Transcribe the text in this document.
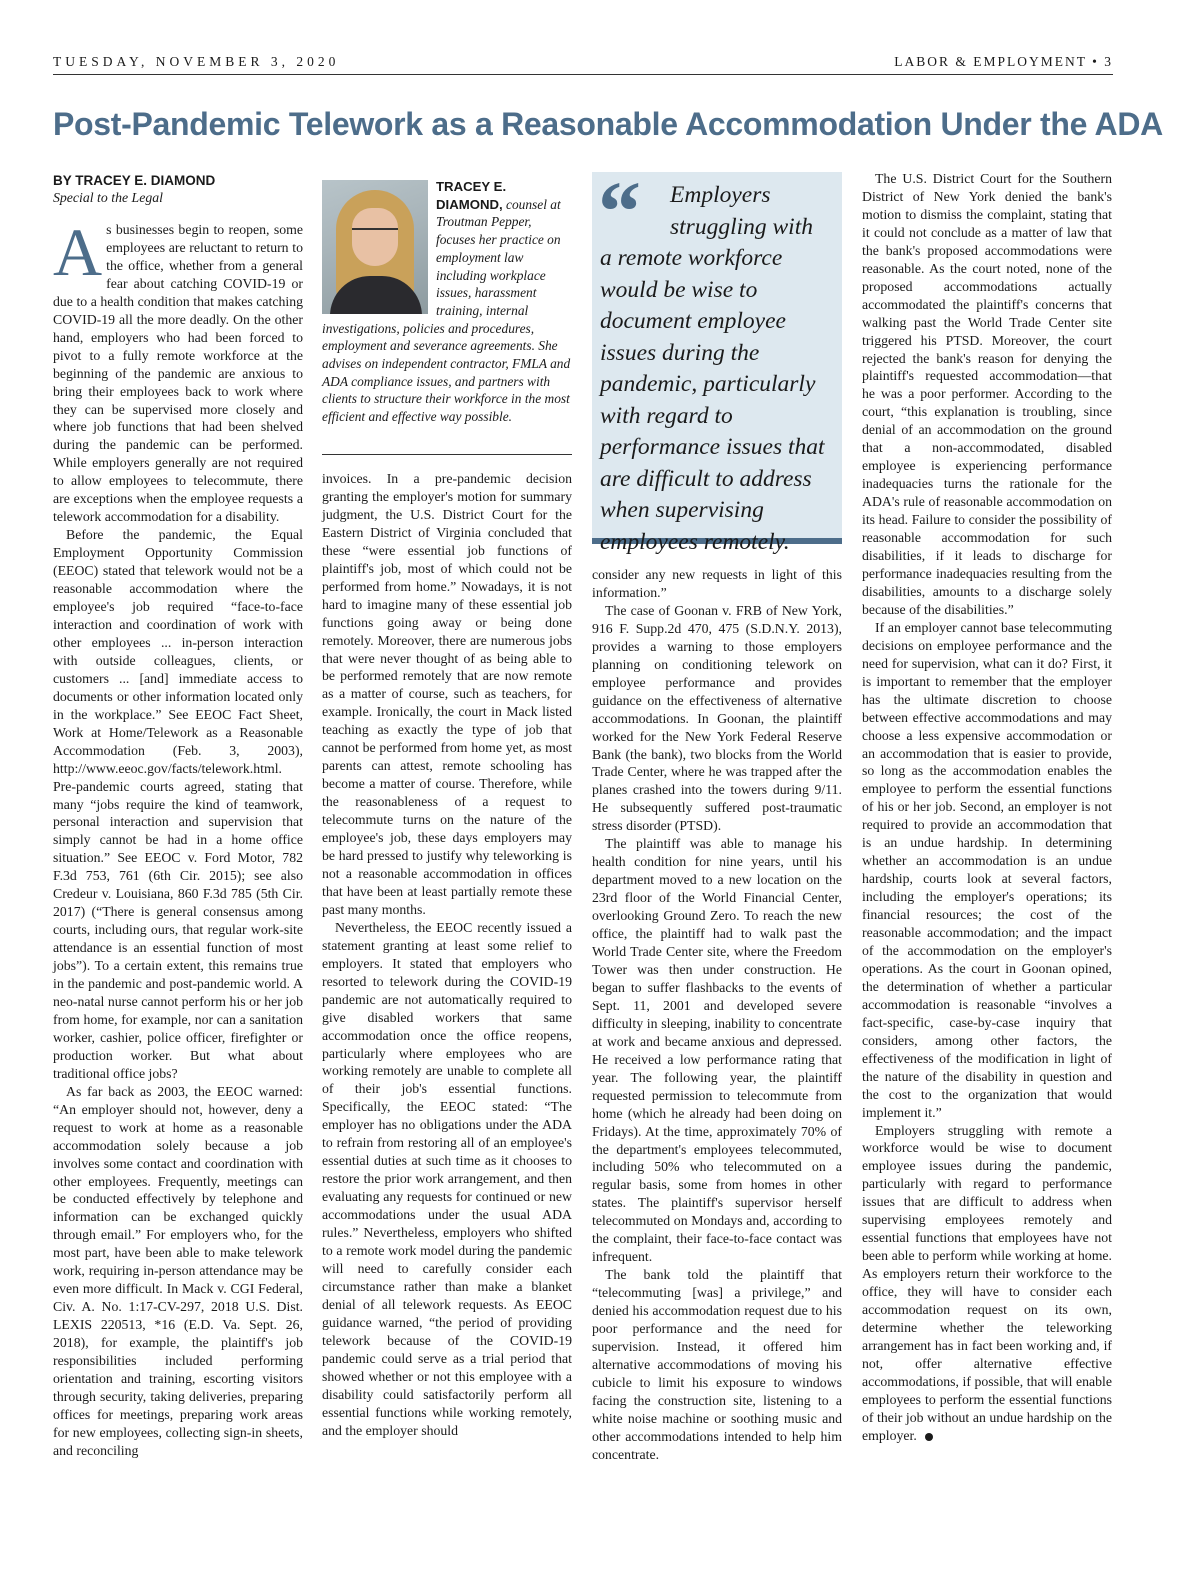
TUESDAY, NOVEMBER 3, 2020	LABOR & EMPLOYMENT • 3
Post-Pandemic Telework as a Reasonable Accommodation Under the ADA
BY TRACEY E. DIAMOND
Special to the Legal

As businesses begin to reopen, some employees are reluctant to return to the office, whether from a general fear about catching COVID-19 or due to a health condition that makes catching COVID-19 all the more deadly. On the other hand, employers who had been forced to pivot to a fully remote workforce at the beginning of the pandemic are anxious to bring their employees back to work where they can be supervised more closely and where job functions that had been shelved during the pandemic can be performed. While employers generally are not required to allow employees to telecommute, there are exceptions when the employee requests a telework accommodation for a disability.

Before the pandemic, the Equal Employment Opportunity Commission (EEOC) stated that telework would not be a reasonable accommodation where the employee's job required “face-to-face interaction and coordination of work with other employees ... in-person interaction with outside colleagues, clients, or customers ... [and] immediate access to documents or other information located only in the workplace.” See EEOC Fact Sheet, Work at Home/Telework as a Reasonable Accommodation (Feb. 3, 2003), http://www.eeoc.gov/facts/telework.html. Pre-pandemic courts agreed, stating that many “jobs require the kind of teamwork, personal interaction and supervision that simply cannot be had in a home office situation.” See EEOC v. Ford Motor, 782 F.3d 753, 761 (6th Cir. 2015); see also Credeur v. Louisiana, 860 F.3d 785 (5th Cir. 2017) (“There is general consensus among courts, including ours, that regular work-site attendance is an essential function of most jobs”). To a certain extent, this remains true in the pandemic and post-pandemic world. A neo-natal nurse cannot perform his or her job from home, for example, nor can a sanitation worker, cashier, police officer, firefighter or production worker. But what about traditional office jobs?

As far back as 2003, the EEOC warned: “An employer should not, however, deny a request to work at home as a reasonable accommodation solely because a job involves some contact and coordination with other employees. Frequently, meetings can be conducted effectively by telephone and information can be exchanged quickly through email.” For employers who, for the most part, have been able to make telework work, requiring in-person attendance may be even more difficult. In Mack v. CGI Federal, Civ. A. No. 1:17-CV-297, 2018 U.S. Dist. LEXIS 220513, *16 (E.D. Va. Sept. 26, 2018), for example, the plaintiff's job responsibilities included performing orientation and training, escorting visitors through security, taking deliveries, preparing offices for meetings, preparing work areas for new employees, collecting sign-in sheets, and reconciling

TRACEY E. DIAMOND, counsel at Troutman Pepper, focuses her practice on employment law including workplace issues, harassment training, internal investigations, policies and procedures, employment and severance agreements. She advises on independent contractor, FMLA and ADA compliance issues, and partners with clients to structure their workforce in the most efficient and effective way possible.

invoices. In a pre-pandemic decision granting the employer's motion for summary judgment, the U.S. District Court for the Eastern District of Virginia concluded that these “were essential job functions of plaintiff's job, most of which could not be performed from home.” Nowadays, it is not hard to imagine many of these essential job functions going away or being done remotely. Moreover, there are numerous jobs that were never thought of as being able to be performed remotely that are now remote as a matter of course, such as teachers, for example. Ironically, the court in Mack listed teaching as exactly the type of job that cannot be performed from home yet, as most parents can attest, remote schooling has become a matter of course. Therefore, while the reasonableness of a request to telecommute turns on the nature of the employee's job, these days employers may be hard pressed to justify why teleworking is not a reasonable accommodation in offices that have been at least partially remote these past many months.

Nevertheless, the EEOC recently issued a statement granting at least some relief to employers. It stated that employers who resorted to telework during the COVID-19 pandemic are not automatically required to give disabled workers that same accommodation once the office reopens, particularly where employees who are working remotely are unable to complete all of their job's essential functions. Specifically, the EEOC stated: “The employer has no obligations under the ADA to refrain from restoring all of an employee's essential duties at such time as it chooses to restore the prior work arrangement, and then evaluating any requests for continued or new accommodations under the usual ADA rules.” Nevertheless, employers who shifted to a remote work model during the pandemic will need to carefully consider each circumstance rather than make a blanket denial of all telework requests. As EEOC guidance warned, “the period of providing telework because of the COVID-19 pandemic could serve as a trial period that showed whether or not this employee with a disability could satisfactorily perform all essential functions while working remotely, and the employer should

“	Employers
struggling with
a remote workforce would be wise to document employee issues during the pandemic, particularly with regard to performance issues that are difficult to address when supervising employees remotely.

consider any new requests in light of this information.”

The case of Goonan v. FRB of New York, 916 F. Supp.2d 470, 475 (S.D.N.Y. 2013), provides a warning to those employers planning on conditioning telework on employee performance and provides guidance on the effectiveness of alternative accommodations. In Goonan, the plaintiff worked for the New York Federal Reserve Bank (the bank), two blocks from the World Trade Center, where he was trapped after the planes crashed into the towers during 9/11. He subsequently suffered post-traumatic stress disorder (PTSD).

The plaintiff was able to manage his health condition for nine years, until his department moved to a new location on the 23rd floor of the World Financial Center, overlooking Ground Zero. To reach the new office, the plaintiff had to walk past the World Trade Center site, where the Freedom Tower was then under construction. He began to suffer flashbacks to the events of Sept. 11, 2001 and developed severe difficulty in sleeping, inability to concentrate at work and became anxious and depressed. He received a low performance rating that year. The following year, the plaintiff requested permission to telecommute from home (which he already had been doing on Fridays). At the time, approximately 70% of the department's employees telecommuted, including 50% who telecommuted on a regular basis, some from homes in other states. The plaintiff's supervisor herself telecommuted on Mondays and, according to the complaint, their face-to-face contact was infrequent.

The bank told the plaintiff that “telecommuting [was] a privilege,” and denied his accommodation request due to his poor performance and the need for supervision. Instead, it offered him alternative accommodations of moving his cubicle to limit his exposure to windows facing the construction site, listening to a white noise machine or soothing music and other accommodations intended to help him concentrate.

The U.S. District Court for the Southern District of New York denied the bank's motion to dismiss the complaint, stating that it could not conclude as a matter of law that the bank's proposed accommodations were reasonable. As the court noted, none of the proposed accommodations actually accommodated the plaintiff's concerns that walking past the World Trade Center site triggered his PTSD. Moreover, the court rejected the bank's reason for denying the plaintiff's requested accommodation—that he was a poor performer. According to the court, “this explanation is troubling, since denial of an accommodation on the ground that a non-accommodated, disabled employee is experiencing performance inadequacies turns the rationale for the ADA's rule of reasonable accommodation on its head. Failure to consider the possibility of reasonable accommodation for such disabilities, if it leads to discharge for performance inadequacies resulting from the disabilities, amounts to a discharge solely because of the disabilities.”

If an employer cannot base telecommuting decisions on employee performance and the need for supervision, what can it do? First, it is important to remember that the employer has the ultimate discretion to choose between effective accommodations and may choose a less expensive accommodation or an accommodation that is easier to provide, so long as the accommodation enables the employee to perform the essential functions of his or her job. Second, an employer is not required to provide an accommodation that is an undue hardship. In determining whether an accommodation is an undue hardship, courts look at several factors, including the employer's operations; its financial resources; the cost of the reasonable accommodation; and the impact of the accommodation on the employer's operations. As the court in Goonan opined, the determination of whether a particular accommodation is reasonable “involves a fact-specific, case-by-case inquiry that considers, among other factors, the effectiveness of the modification in light of the nature of the disability in question and the cost to the organization that would implement it.”

Employers struggling with remote a workforce would be wise to document employee issues during the pandemic, particularly with regard to performance issues that are difficult to address when supervising employees remotely and essential functions that employees have not been able to perform while working at home. As employers return their workforce to the office, they will have to consider each accommodation request on its own, determine whether the teleworking arrangement has in fact been working and, if not, offer alternative effective accommodations, if possible, that will enable employees to perform the essential functions of their job without an undue hardship on the employer.
